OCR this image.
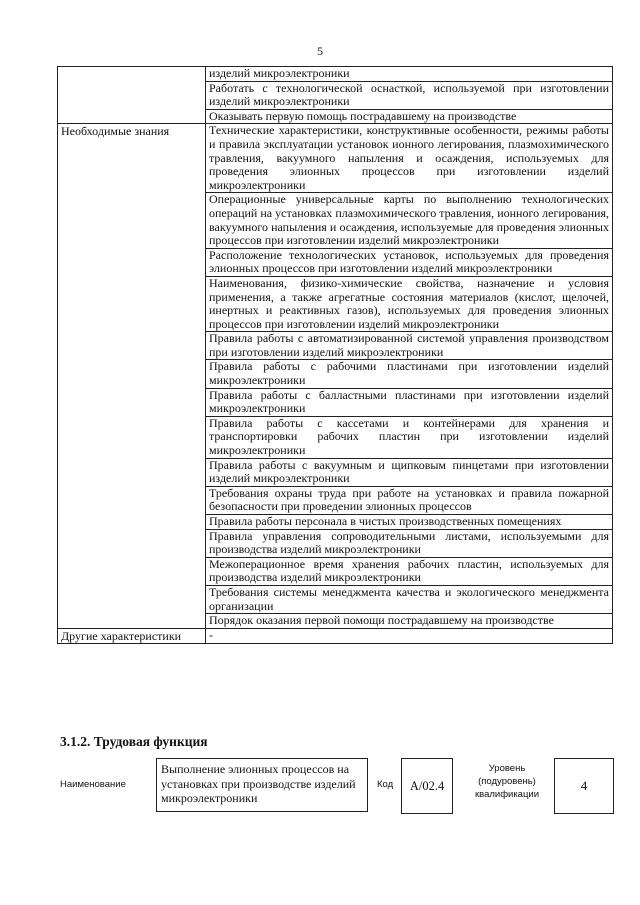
5
	изделий микроэлектроники
	Работать с технологической оснасткой, используемой при изготовлении изделий микроэлектроники
	Оказывать первую помощь пострадавшему на производстве
Необходимые знания	Технические характеристики, конструктивные особенности, режимы работы и правила эксплуатации установок ионного легирования, плазмохимического травления, вакуумного напыления и осаждения, используемых для проведения элионных процессов при изготовлении изделий микроэлектроники
	Операционные универсальные карты по выполнению технологических операций на установках плазмохимического травления, ионного легирования, вакуумного напыления и осаждения, используемые для проведения элионных процессов при изготовлении изделий микроэлектроники
	Расположение технологических установок, используемых для проведения элионных процессов при изготовлении изделий микроэлектроники
	Наименования, физико-химические свойства, назначение и условия применения, а также агрегатные состояния материалов (кислот, щелочей, инертных и реактивных газов), используемых для проведения элионных процессов при изготовлении изделий микроэлектроники
	Правила работы с автоматизированной системой управления производством при изготовлении изделий микроэлектроники
	Правила работы с рабочими пластинами при изготовлении изделий микроэлектроники
	Правила работы с балластными пластинами при изготовлении изделий микроэлектроники
	Правила работы с кассетами и контейнерами для хранения и транспортировки рабочих пластин при изготовлении изделий микроэлектроники
	Правила работы с вакуумным и щипковым пинцетами при изготовлении изделий микроэлектроники
	Требования охраны труда при работе на установках и правила пожарной безопасности при проведении элионных процессов
	Правила работы персонала в чистых производственных помещениях
	Правила управления сопроводительными листами, используемыми для производства изделий микроэлектроники
	Межоперационное время хранения рабочих пластин, используемых для производства изделий микроэлектроники
	Требования системы менеджмента качества и экологического менеджмента организации
	Порядок оказания первой помощи пострадавшему на производстве
Другие характеристики	-
3.1.2. Трудовая функция
Наименование
Выполнение элионных процессов на установках при производстве изделий микроэлектроники
Код	A/02.4
Уровень (подуровень) квалификации
4
